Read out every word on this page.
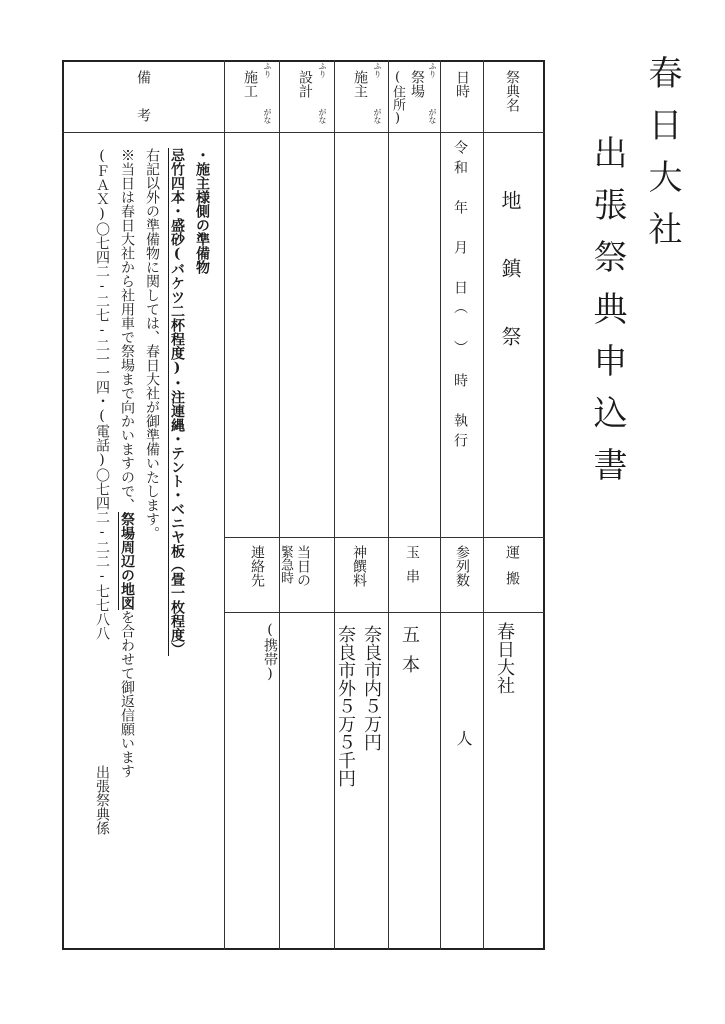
春日大社
出張祭典申込書
祭典名
日時
ふり
がな
祭場
(住所)
ふり
がな
施主
ふり
がな
設計
ふり
がな
施工
備考
地鎮祭
令和　年　月　日（　）　時　執行
運搬
参列数
玉串
神饌料
当日の
緊急時
連絡先
春日大社
人
五本
奈良市内５万円
奈良市外５万５千円
(携帯)
・施主様側の準備物
忌竹四本・盛砂(バケツ二杯程度)・注連縄・テント・ベニヤ板（畳一枚程度）
右記以外の準備物に関しては、春日大社が御準備いたします。
※当日は春日大社から社用車で祭場まで向かいますので、祭場周辺の地図を合わせて御返信願います
(ＦＡＸ)〇七四二‐二七‐二一一四・(電話)〇七四二‐二二‐七七八八
出張祭典係
